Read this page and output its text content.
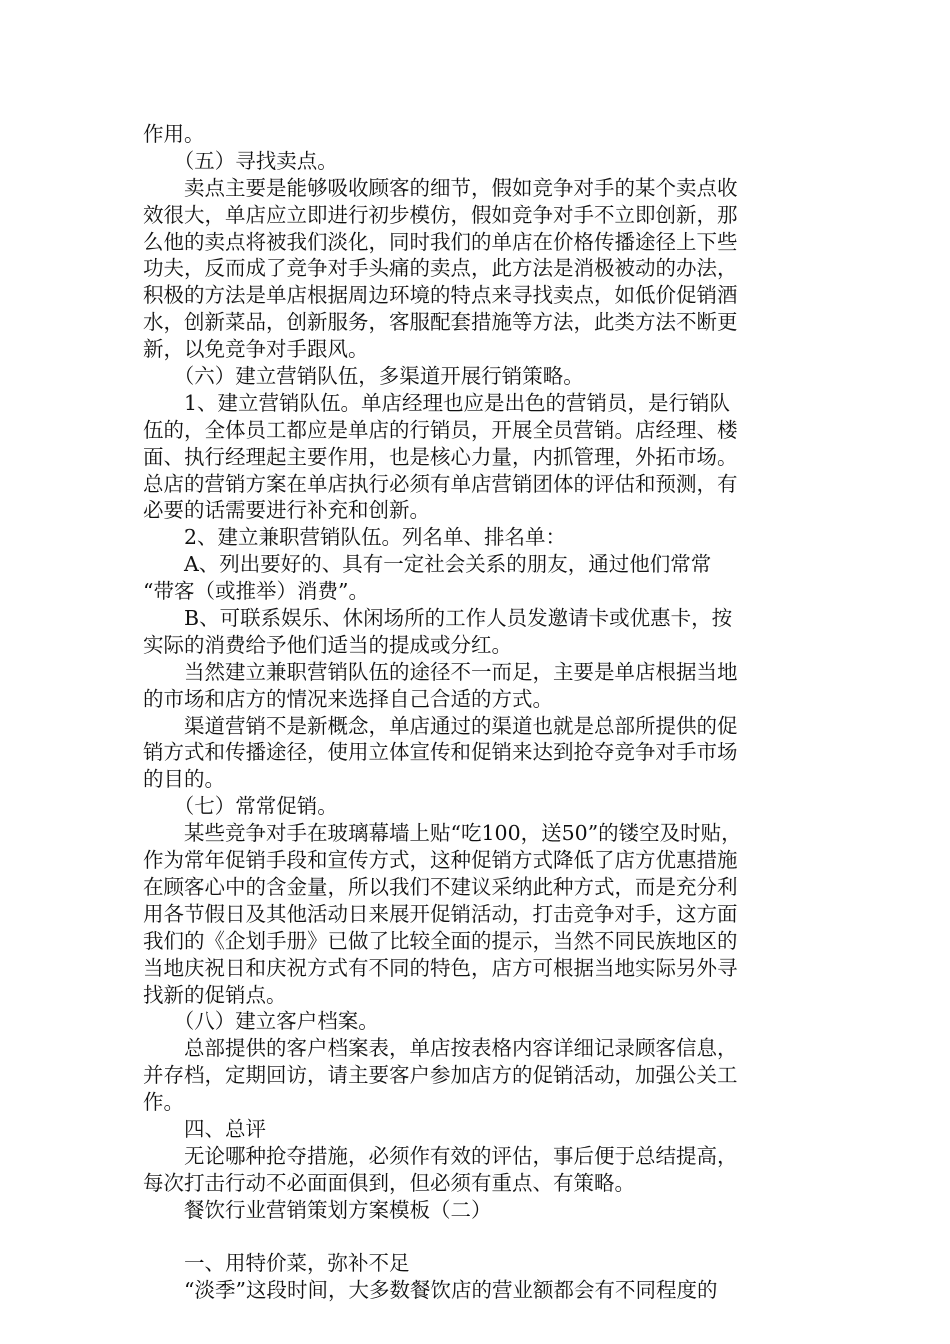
作用。
　　（五）寻找卖点。
　　卖点主要是能够吸收顾客的细节，假如竞争对手的某个卖点收
效很大，单店应立即进行初步模仿，假如竞争对手不立即创新，那
么他的卖点将被我们淡化，同时我们的单店在价格传播途径上下些
功夫，反而成了竞争对手头痛的卖点，此方法是消极被动的办法，
积极的方法是单店根据周边环境的特点来寻找卖点，如低价促销酒
水，创新菜品，创新服务，客服配套措施等方法，此类方法不断更
新，以免竞争对手跟风。
　　（六）建立营销队伍，多渠道开展行销策略。
　　1、建立营销队伍。单店经理也应是出色的营销员，是行销队
伍的，全体员工都应是单店的行销员，开展全员营销。店经理、楼
面、执行经理起主要作用，也是核心力量，内抓管理，外拓市场。
总店的营销方案在单店执行必须有单店营销团体的评估和预测，有
必要的话需要进行补充和创新。
　　2、建立兼职营销队伍。列名单、排名单：
　　A、列出要好的、具有一定社会关系的朋友，通过他们常常
“带客（或推举）消费”。
　　B、可联系娱乐、休闲场所的工作人员发邀请卡或优惠卡，按
实际的消费给予他们适当的提成或分红。
　　当然建立兼职营销队伍的途径不一而足，主要是单店根据当地
的市场和店方的情况来选择自己合适的方式。
　　渠道营销不是新概念，单店通过的渠道也就是总部所提供的促
销方式和传播途径，使用立体宣传和促销来达到抢夺竞争对手市场
的目的。
　　（七）常常促销。
　　某些竞争对手在玻璃幕墙上贴“吃100，送50”的镂空及时贴，
作为常年促销手段和宣传方式，这种促销方式降低了店方优惠措施
在顾客心中的含金量，所以我们不建议采纳此种方式，而是充分利
用各节假日及其他活动日来展开促销活动，打击竞争对手，这方面
我们的《企划手册》已做了比较全面的提示，当然不同民族地区的
当地庆祝日和庆祝方式有不同的特色，店方可根据当地实际另外寻
找新的促销点。
　　（八）建立客户档案。
　　总部提供的客户档案表，单店按表格内容详细记录顾客信息，
并存档，定期回访，请主要客户参加店方的促销活动，加强公关工
作。
　　四、总评
　　无论哪种抢夺措施，必须作有效的评估，事后便于总结提高，
每次打击行动不必面面俱到，但必须有重点、有策略。
　　餐饮行业营销策划方案模板（二）
　　一、用特价菜，弥补不足
　　“淡季”这段时间，大多数餐饮店的营业额都会有不同程度的
